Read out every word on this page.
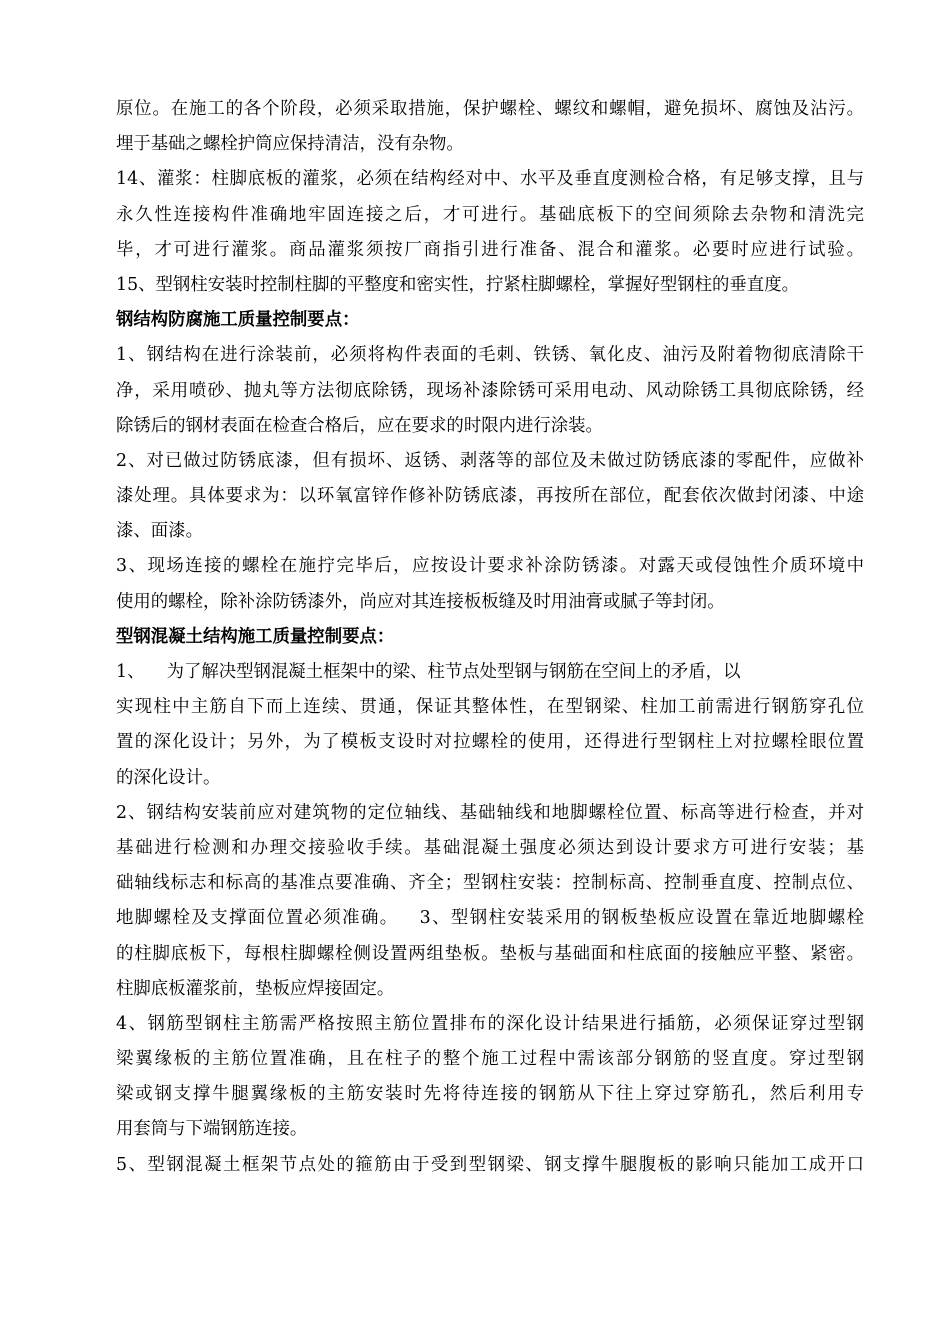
原位。在施工的各个阶段，必须采取措施，保护螺栓、螺纹和螺帽，避免损坏、腐蚀及沾污。
埋于基础之螺栓护筒应保持清洁，没有杂物。
14、灌浆：柱脚底板的灌浆，必须在结构经对中、水平及垂直度测检合格，有足够支撑，且与
永久性连接构件准确地牢固连接之后，才可进行。基础底板下的空间须除去杂物和清洗完
毕，才可进行灌浆。商品灌浆须按厂商指引进行准备、混合和灌浆。必要时应进行试验。
15、型钢柱安装时控制柱脚的平整度和密实性，拧紧柱脚螺栓，掌握好型钢柱的垂直度。
钢结构防腐施工质量控制要点：
1、钢结构在进行涂装前，必须将构件表面的毛刺、铁锈、氧化皮、油污及附着物彻底清除干
净，采用喷砂、抛丸等方法彻底除锈，现场补漆除锈可采用电动、风动除锈工具彻底除锈，经
除锈后的钢材表面在检查合格后，应在要求的时限内进行涂装。
2、对已做过防锈底漆，但有损坏、返锈、剥落等的部位及未做过防锈底漆的零配件，应做补
漆处理。具体要求为：以环氧富锌作修补防锈底漆，再按所在部位，配套依次做封闭漆、中途
漆、面漆。
3、现场连接的螺栓在施拧完毕后，应按设计要求补涂防锈漆。对露天或侵蚀性介质环境中
使用的螺栓，除补涂防锈漆外，尚应对其连接板板缝及时用油膏或腻子等封闭。
型钢混凝土结构施工质量控制要点：
1、    为了解决型钢混凝土框架中的梁、柱节点处型钢与钢筋在空间上的矛盾，以
实现柱中主筋自下而上连续、贯通，保证其整体性，在型钢梁、柱加工前需进行钢筋穿孔位
置的深化设计；另外，为了模板支设时对拉螺栓的使用，还得进行型钢柱上对拉螺栓眼位置
的深化设计。
2、钢结构安装前应对建筑物的定位轴线、基础轴线和地脚螺栓位置、标高等进行检查，并对
基础进行检测和办理交接验收手续。基础混凝土强度必须达到设计要求方可进行安装；基
础轴线标志和标高的基准点要准确、齐全；型钢柱安装：控制标高、控制垂直度、控制点位、
地脚螺栓及支撑面位置必须准确。   3、型钢柱安装采用的钢板垫板应设置在靠近地脚螺栓
的柱脚底板下，每根柱脚螺栓侧设置两组垫板。垫板与基础面和柱底面的接触应平整、紧密。
柱脚底板灌浆前，垫板应焊接固定。
4、钢筋型钢柱主筋需严格按照主筋位置排布的深化设计结果进行插筋，必须保证穿过型钢
梁翼缘板的主筋位置准确，且在柱子的整个施工过程中需该部分钢筋的竖直度。穿过型钢
梁或钢支撑牛腿翼缘板的主筋安装时先将待连接的钢筋从下往上穿过穿筋孔，然后利用专
用套筒与下端钢筋连接。
5、型钢混凝土框架节点处的箍筋由于受到型钢梁、钢支撑牛腿腹板的影响只能加工成开口
